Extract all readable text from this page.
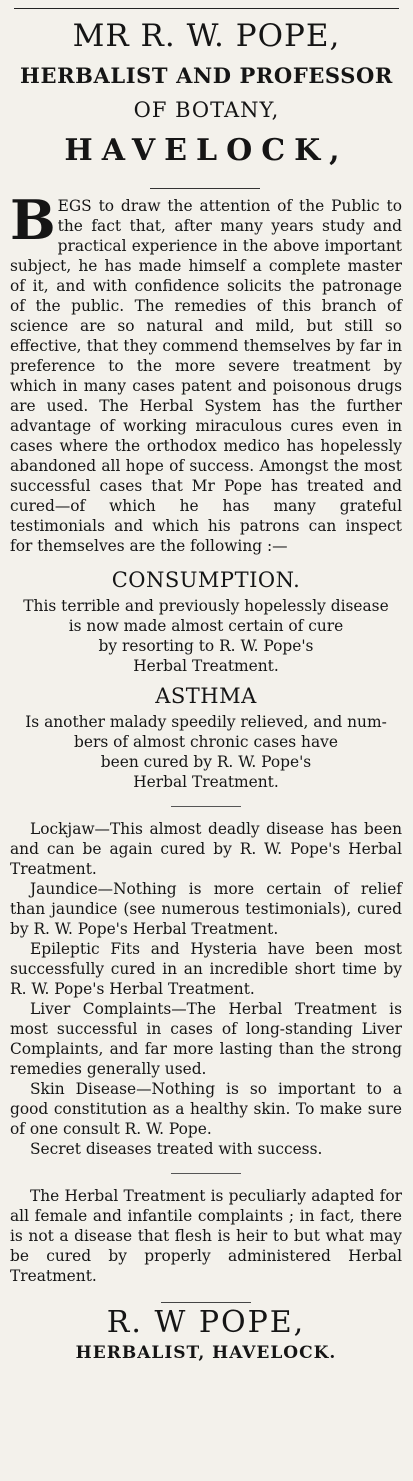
MR R. W. POPE,
HERBALIST AND PROFESSOR
OF BOTANY,
HAVELOCK,

BEGS to draw the attention of the Public to the fact that, after many years study and practical experience in the above important subject, he has made himself a complete master of it, and with confidence solicits the patronage of the public. The remedies of this branch of science are so natural and mild, but still so effective, that they commend themselves by far in preference to the more severe treatment by which in many cases patent and poisonous drugs are used. The Herbal System has the further advantage of working miraculous cures even in cases where the orthodox medico has hopelessly abandoned all hope of success. Amongst the most successful cases that Mr Pope has treated and cured—of which he has many grateful testimonials and which his patrons can inspect for themselves are the following :—

CONSUMPTION.
This terrible and previously hopelessly disease
is now made almost certain of cure
by resorting to R. W. Pope's
Herbal Treatment.
ASTHMA
Is another malady speedily relieved, and num-
bers of almost chronic cases have
been cured by R. W. Pope's
Herbal Treatment.

Lockjaw—This almost deadly disease has been and can be again cured by R. W. Pope's Herbal Treatment.

Jaundice—Nothing is more certain of relief than jaundice (see numerous testimonials), cured by R. W. Pope's Herbal Treatment.

Epileptic Fits and Hysteria have been most successfully cured in an incredible short time by R. W. Pope's Herbal Treatment.

Liver Complaints—The Herbal Treatment is most successful in cases of long-standing Liver Complaints, and far more lasting than the strong remedies generally used.

Skin Disease—Nothing is so important to a good constitution as a healthy skin. To make sure of one consult R. W. Pope.

Secret diseases treated with success.

The Herbal Treatment is peculiarly adapted for all female and infantile complaints ; in fact, there is not a disease that flesh is heir to but what may be cured by properly administered Herbal Treatment.

R. W POPE,
HERBALIST, HAVELOCK.
